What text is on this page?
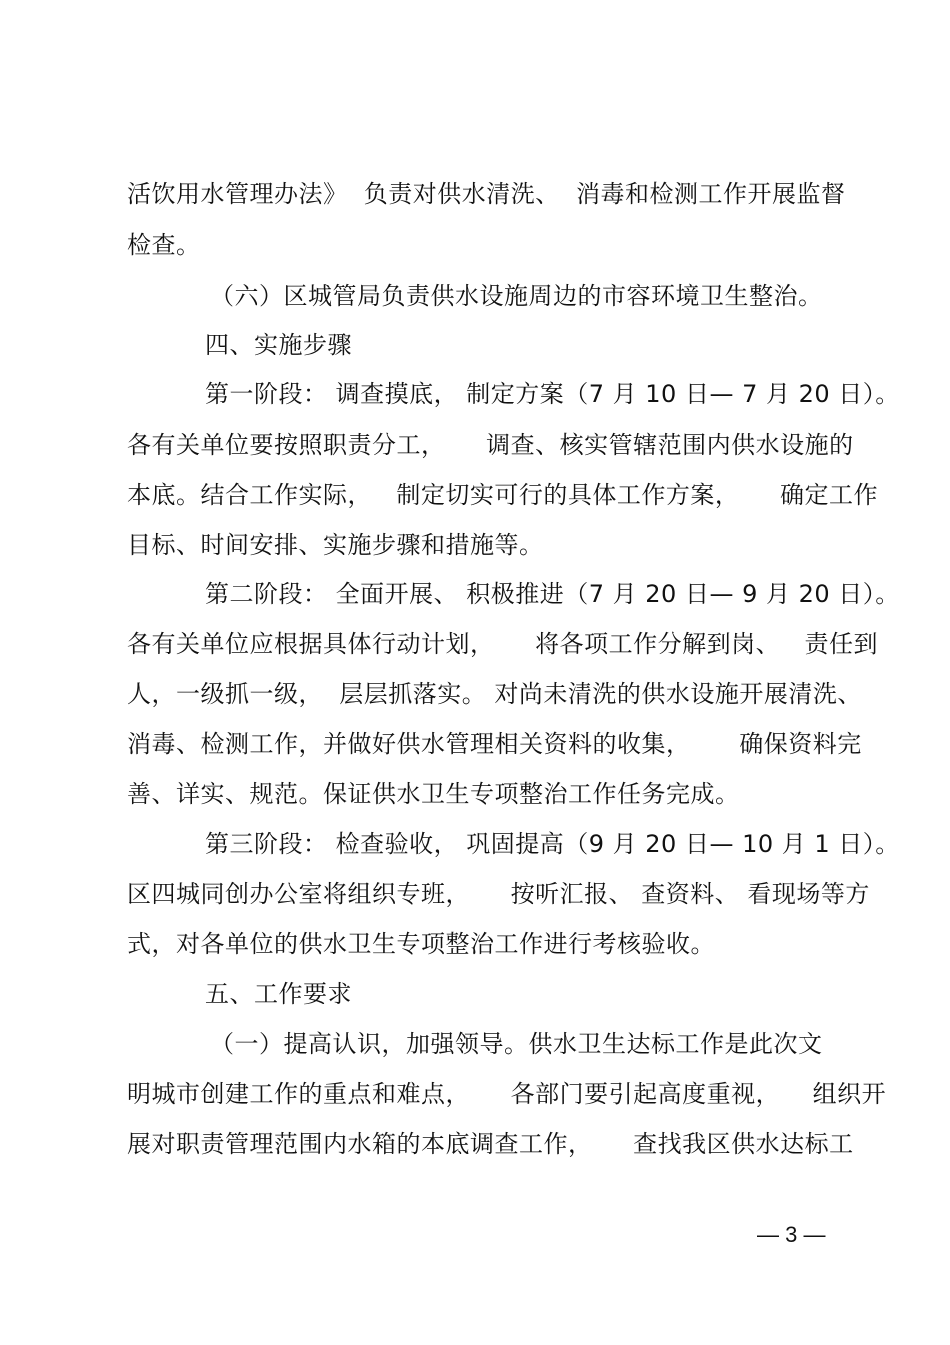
活饮用水管理办法》  负责对供水清洗、  消毒和检测工作开展监督
检查。
（六）区城管局负责供水设施周边的市容环境卫生整治。
四、实施步骤
第一阶段： 调查摸底， 制定方案（7 月 10 日— 7 月 20 日）。
各有关单位要按照职责分工，     调查、核实管辖范围内供水设施的
本底。结合工作实际，   制定切实可行的具体工作方案，     确定工作
目标、时间安排、实施步骤和措施等。
第二阶段： 全面开展、 积极推进（7 月 20 日— 9 月 20 日）。
各有关单位应根据具体行动计划，     将各项工作分解到岗、   责任到
人，一级抓一级，  层层抓落实。 对尚未清洗的供水设施开展清洗、
消毒、检测工作，并做好供水管理相关资料的收集，      确保资料完
善、详实、规范。保证供水卫生专项整治工作任务完成。
第三阶段： 检查验收， 巩固提高（9 月 20 日— 10 月 1 日）。
区四城同创办公室将组织专班，     按听汇报、 查资料、 看现场等方
式，对各单位的供水卫生专项整治工作进行考核验收。
五、工作要求
（一）提高认识，加强领导。供水卫生达标工作是此次文
明城市创建工作的重点和难点，     各部门要引起高度重视，    组织开
展对职责管理范围内水箱的本底调查工作，     查找我区供水达标工
— 3 —
